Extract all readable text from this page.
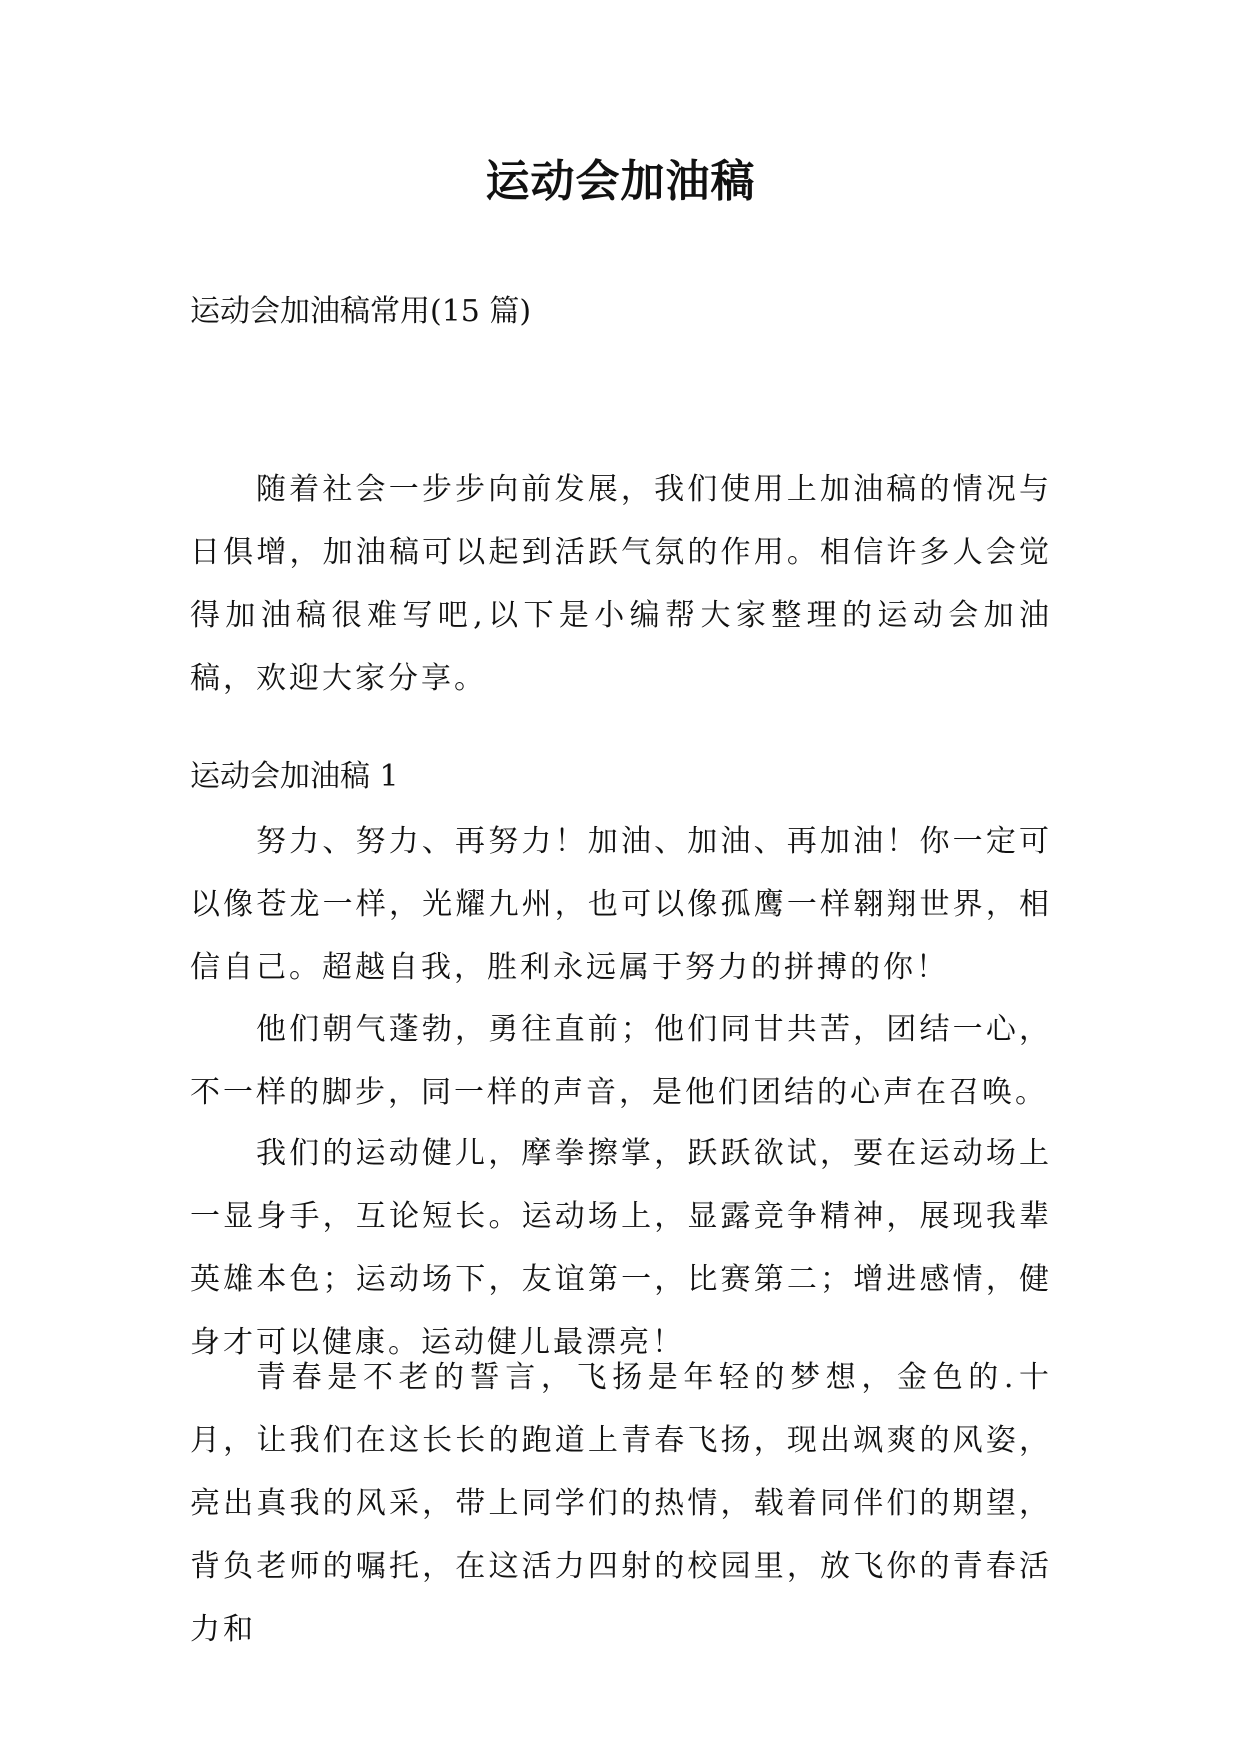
运动会加油稿

运动会加油稿常用(15 篇)

随着社会一步步向前发展，我们使用上加油稿的情况与日俱增，加油稿可以起到活跃气氛的作用。相信许多人会觉得加油稿很难写吧,以下是小编帮大家整理的运动会加油稿，欢迎大家分享。

运动会加油稿 1

努力、努力、再努力！加油、加油、再加油！你一定可以像苍龙一样，光耀九州，也可以像孤鹰一样翱翔世界，相信自己。超越自我，胜利永远属于努力的拼搏的你！

他们朝气蓬勃，勇往直前；他们同甘共苦，团结一心，不一样的脚步，同一样的声音，是他们团结的心声在召唤。

我们的运动健儿，摩拳擦掌，跃跃欲试，要在运动场上一显身手，互论短长。运动场上，显露竞争精神，展现我辈英雄本色；运动场下，友谊第一，比赛第二；增进感情，健身才可以健康。运动健儿最漂亮！

青春是不老的誓言，飞扬是年轻的梦想，金色的.十月，让我们在这长长的跑道上青春飞扬，现出飒爽的风姿，亮出真我的风采，带上同学们的热情，载着同伴们的期望，背负老师的嘱托，在这活力四射的校园里，放飞你的青春活力和
